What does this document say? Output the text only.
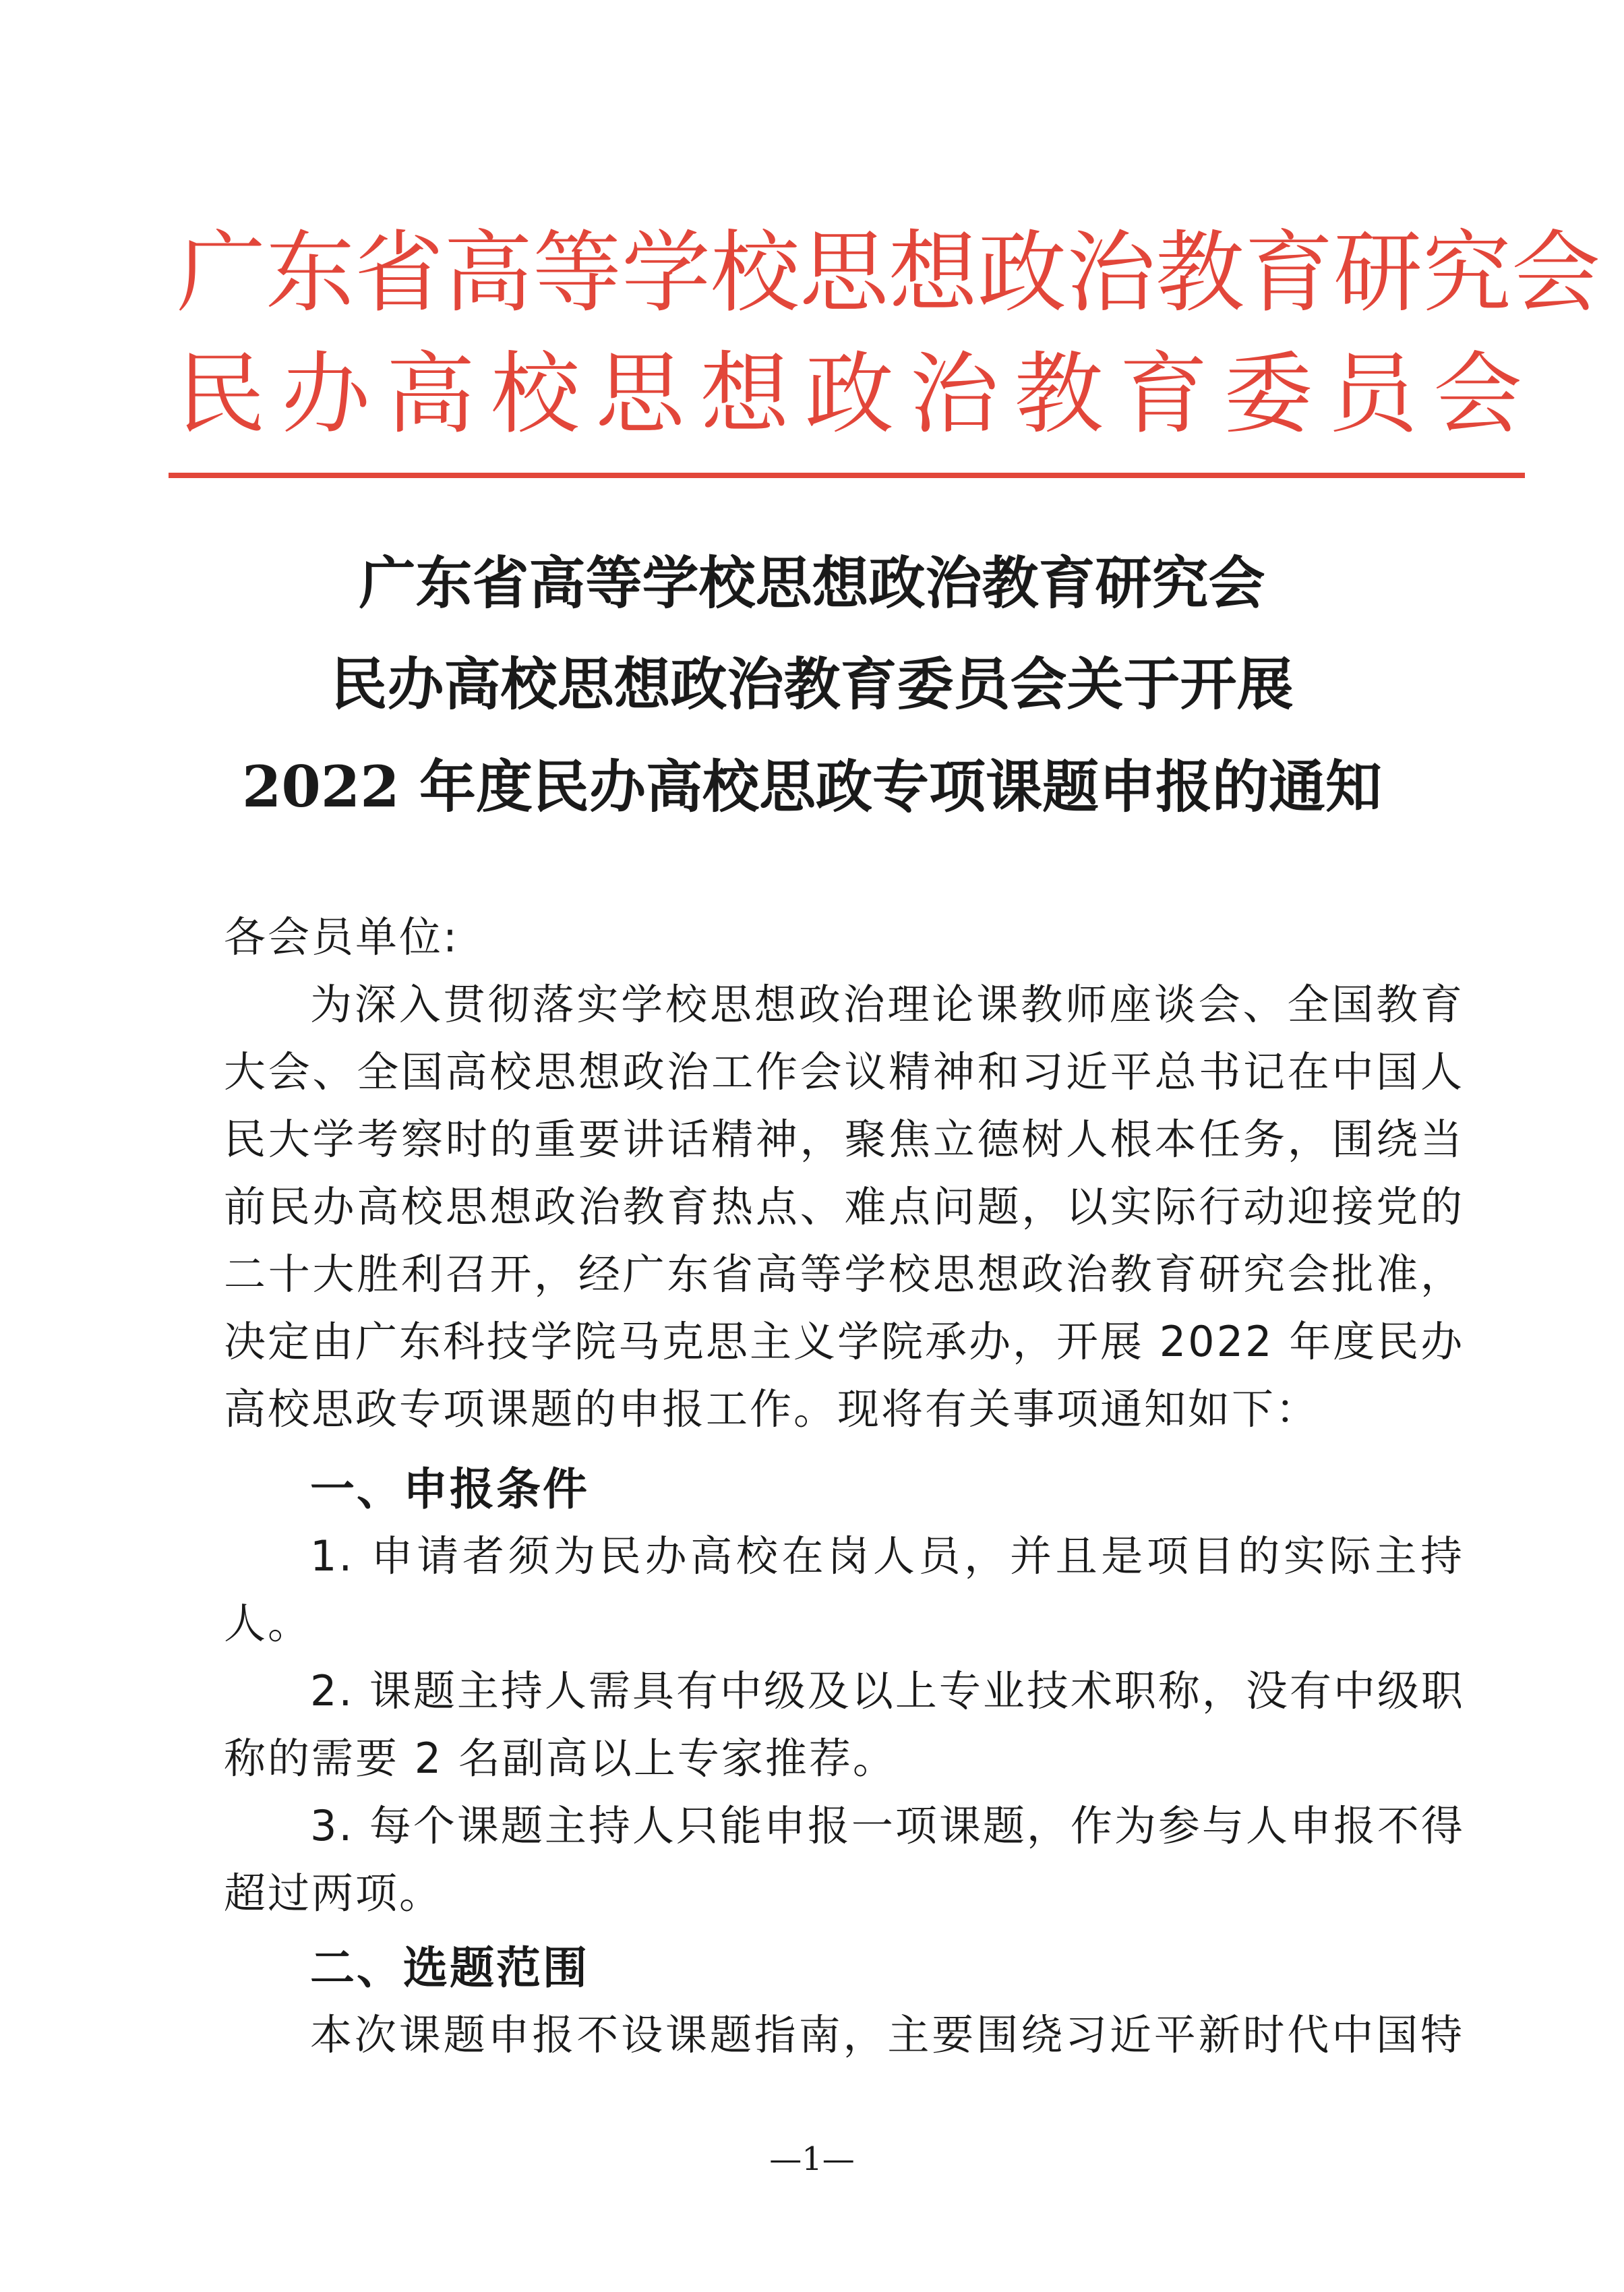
广东省高等学校思想政治教育研究会
民办高校思想政治教育委员会
广东省高等学校思想政治教育研究会
民办高校思想政治教育委员会关于开展
2022 年度民办高校思政专项课题申报的通知
各会员单位:
为深入贯彻落实学校思想政治理论课教师座谈会、全国教育
大会、全国高校思想政治工作会议精神和习近平总书记在中国人
民大学考察时的重要讲话精神，聚焦立德树人根本任务，围绕当
前民办高校思想政治教育热点、难点问题，以实际行动迎接党的
二十大胜利召开，经广东省高等学校思想政治教育研究会批准，
决定由广东科技学院马克思主义学院承办，开展 2022 年度民办
高校思政专项课题的申报工作。现将有关事项通知如下：
一、申报条件
1. 申请者须为民办高校在岗人员，并且是项目的实际主持
人。
2. 课题主持人需具有中级及以上专业技术职称，没有中级职
称的需要 2 名副高以上专家推荐。
3. 每个课题主持人只能申报一项课题，作为参与人申报不得
超过两项。
二、选题范围
本次课题申报不设课题指南，主要围绕习近平新时代中国特
—1—
